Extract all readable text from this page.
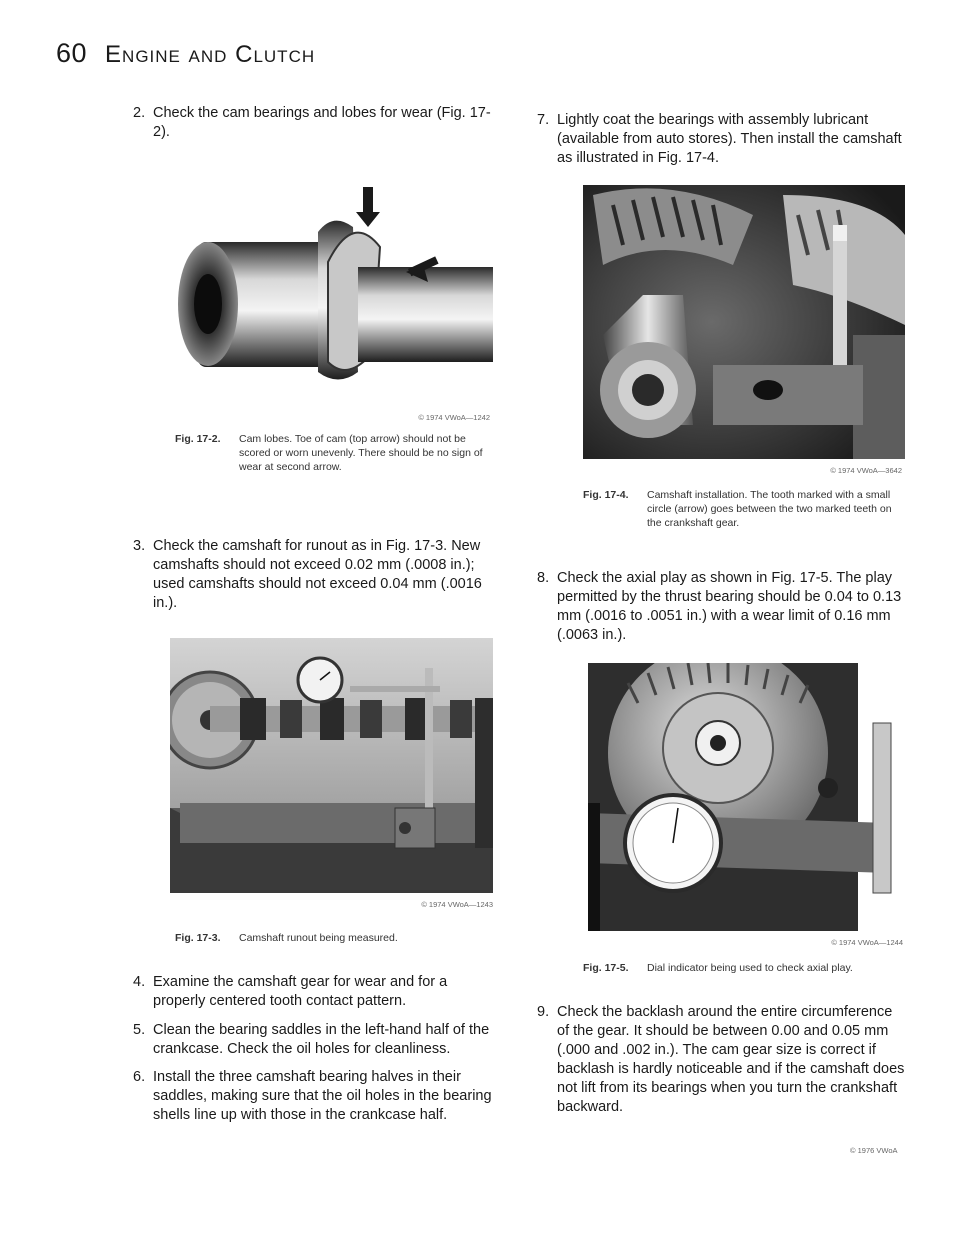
60 Engine and Clutch
2. Check the cam bearings and lobes for wear (Fig. 17-2).
© 1974 VWoA—1242
Fig. 17-2.	Cam lobes. Toe of cam (top arrow) should not be scored or worn unevenly. There should be no sign of wear at second arrow.
3. Check the camshaft for runout as in Fig. 17-3. New camshafts should not exceed 0.02 mm (.0008 in.); used camshafts should not exceed 0.04 mm (.0016 in.).
© 1974 VWoA—1243
Fig. 17-3.	Camshaft runout being measured.
4. Examine the camshaft gear for wear and for a properly centered tooth contact pattern.
5. Clean the bearing saddles in the left-hand half of the crankcase. Check the oil holes for cleanliness.
6. Install the three camshaft bearing halves in their saddles, making sure that the oil holes in the bearing shells line up with those in the crankcase half.
7. Lightly coat the bearings with assembly lubricant (available from auto stores). Then install the camshaft as illustrated in Fig. 17-4.
© 1974 VWoA—3642
Fig. 17-4.	Camshaft installation. The tooth marked with a small circle (arrow) goes between the two marked teeth on the crankshaft gear.
8. Check the axial play as shown in Fig. 17-5. The play permitted by the thrust bearing should be 0.04 to 0.13 mm (.0016 to .0051 in.) with a wear limit of 0.16 mm (.0063 in.).
© 1974 VWoA—1244
Fig. 17-5.	Dial indicator being used to check axial play.
9. Check the backlash around the entire circumference of the gear. It should be between 0.00 and 0.05 mm (.000 and .002 in.). The cam gear size is correct if backlash is hardly noticeable and if the camshaft does not lift from its bearings when you turn the crankshaft backward.
© 1976 VWoA
